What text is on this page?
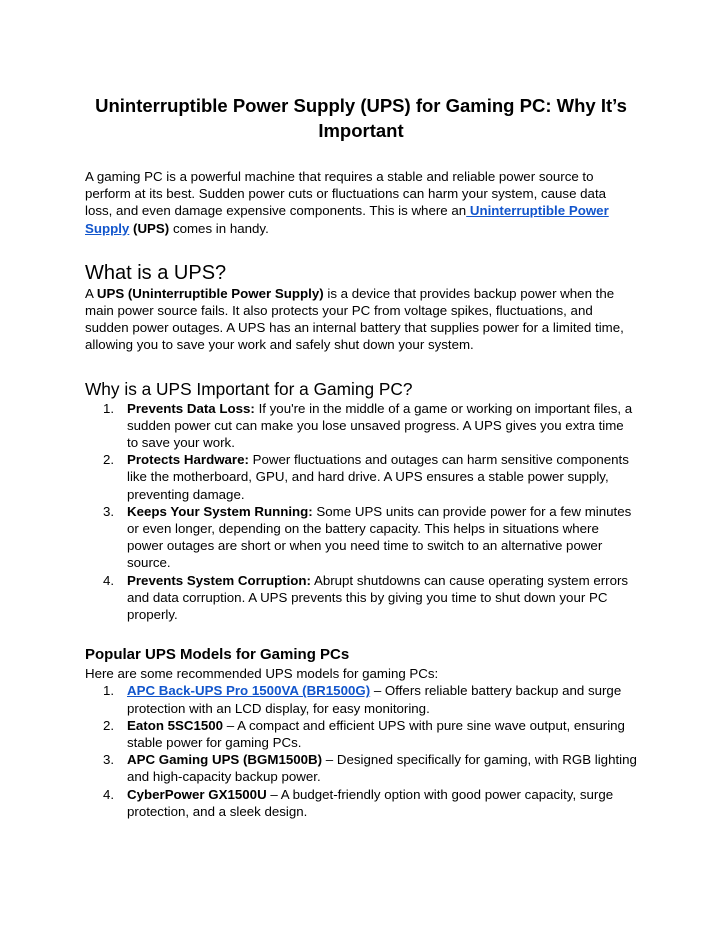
Uninterruptible Power Supply (UPS) for Gaming PC: Why It’s Important

A gaming PC is a powerful machine that requires a stable and reliable power source to perform at its best. Sudden power cuts or fluctuations can harm your system, cause data loss, and even damage expensive components. This is where an Uninterruptible Power Supply (UPS) comes in handy.

What is a UPS?

A UPS (Uninterruptible Power Supply) is a device that provides backup power when the main power source fails. It also protects your PC from voltage spikes, fluctuations, and sudden power outages. A UPS has an internal battery that supplies power for a limited time, allowing you to save your work and safely shut down your system.

Why is a UPS Important for a Gaming PC?
1. Prevents Data Loss: If you're in the middle of a game or working on important files, a sudden power cut can make you lose unsaved progress. A UPS gives you extra time to save your work.
2. Protects Hardware: Power fluctuations and outages can harm sensitive components like the motherboard, GPU, and hard drive. A UPS ensures a stable power supply, preventing damage.
3. Keeps Your System Running: Some UPS units can provide power for a few minutes or even longer, depending on the battery capacity. This helps in situations where power outages are short or when you need time to switch to an alternative power source.
4. Prevents System Corruption: Abrupt shutdowns can cause operating system errors and data corruption. A UPS prevents this by giving you time to shut down your PC properly.
Popular UPS Models for Gaming PCs

Here are some recommended UPS models for gaming PCs:

1. APC Back-UPS Pro 1500VA (BR1500G) – Offers reliable battery backup and surge protection with an LCD display, for easy monitoring.
2. Eaton 5SC1500 – A compact and efficient UPS with pure sine wave output, ensuring stable power for gaming PCs.
3. APC Gaming UPS (BGM1500B) – Designed specifically for gaming, with RGB lighting and high-capacity backup power.
4. CyberPower GX1500U – A budget-friendly option with good power capacity, surge protection, and a sleek design.
